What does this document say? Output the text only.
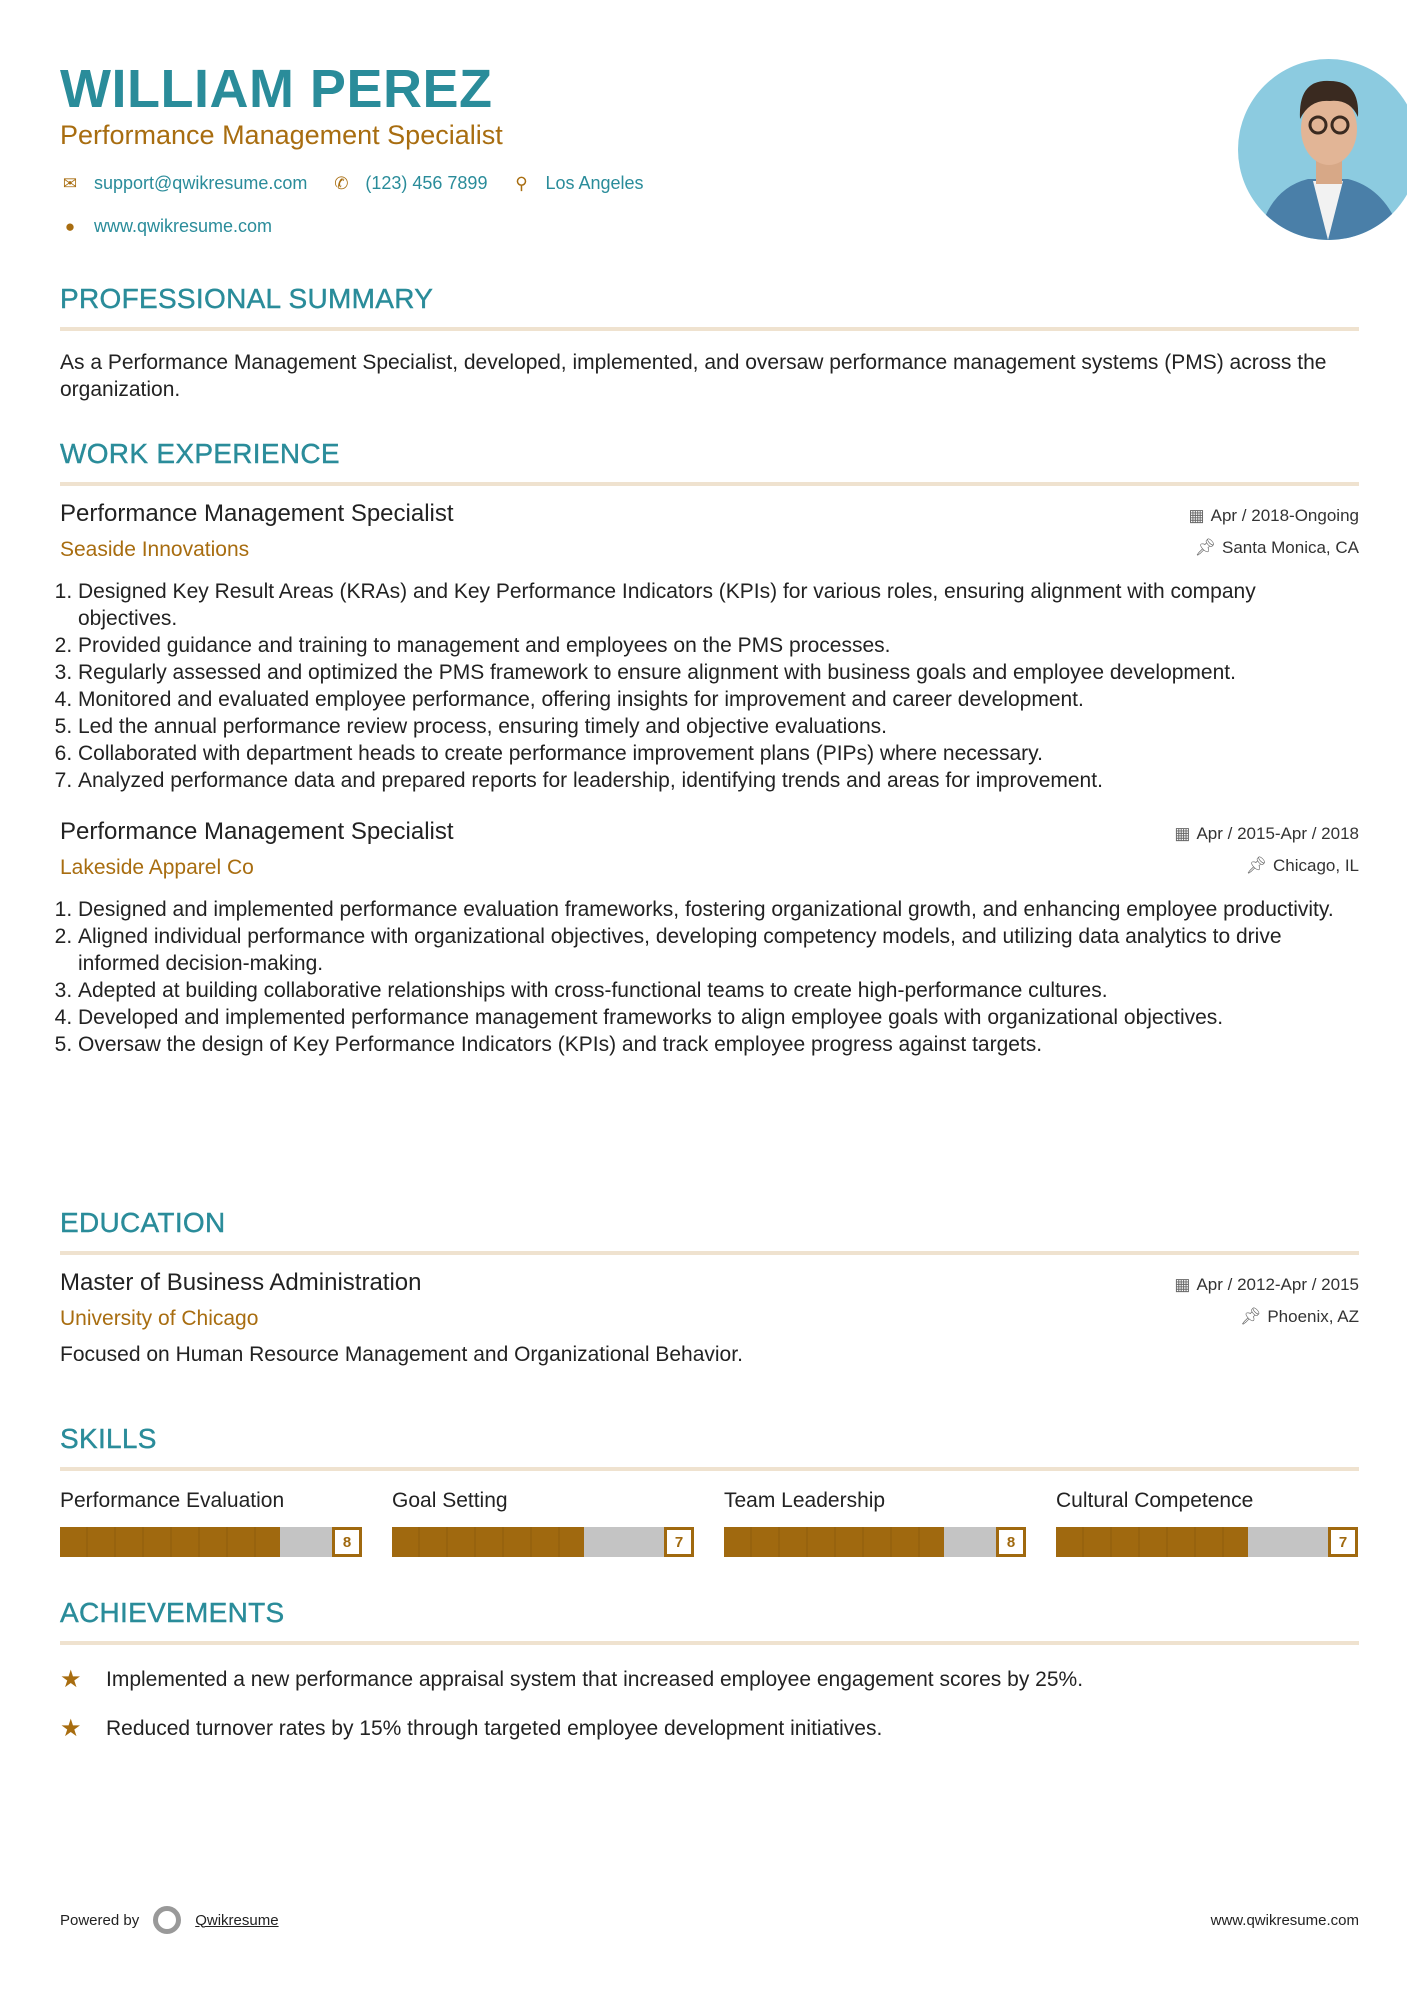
WILLIAM PEREZ
Performance Management Specialist
✉ support@qwikresume.com ✆ (123) 456 7899 ⚲ Los Angeles
● www.qwikresume.com
PROFESSIONAL SUMMARY

As a Performance Management Specialist, developed, implemented, and oversaw performance management systems (PMS) across the organization.

WORK EXPERIENCE
Performance Management Specialist
Seaside Innovations
▦ Apr / 2018-Ongoing
📌︎ Santa Monica, CA
1. Designed Key Result Areas (KRAs) and Key Performance Indicators (KPIs) for various roles, ensuring alignment with company objectives.
2. Provided guidance and training to management and employees on the PMS processes.
3. Regularly assessed and optimized the PMS framework to ensure alignment with business goals and employee development.
4. Monitored and evaluated employee performance, offering insights for improvement and career development.
5. Led the annual performance review process, ensuring timely and objective evaluations.
6. Collaborated with department heads to create performance improvement plans (PIPs) where necessary.
7. Analyzed performance data and prepared reports for leadership, identifying trends and areas for improvement.
Performance Management Specialist
Lakeside Apparel Co
▦ Apr / 2015-Apr / 2018
📌︎ Chicago, IL
1. Designed and implemented performance evaluation frameworks, fostering organizational growth, and enhancing employee productivity.
2. Aligned individual performance with organizational objectives, developing competency models, and utilizing data analytics to drive informed decision-making.
3. Adepted at building collaborative relationships with cross-functional teams to create high-performance cultures.
4. Developed and implemented performance management frameworks to align employee goals with organizational objectives.
5. Oversaw the design of Key Performance Indicators (KPIs) and track employee progress against targets.
EDUCATION
Master of Business Administration
University of Chicago
▦ Apr / 2012-Apr / 2015
📌︎ Phoenix, AZ

Focused on Human Resource Management and Organizational Behavior.

SKILLS
Performance Evaluation
8
Goal Setting
7
Team Leadership
8
Cultural Competence
7
ACHIEVEMENTS
★	Implemented a new performance appraisal system that increased employee engagement scores by 25%.
★	Reduced turnover rates by 15% through targeted employee development initiatives.
Powered by	Qwikresume	www.qwikresume.com
